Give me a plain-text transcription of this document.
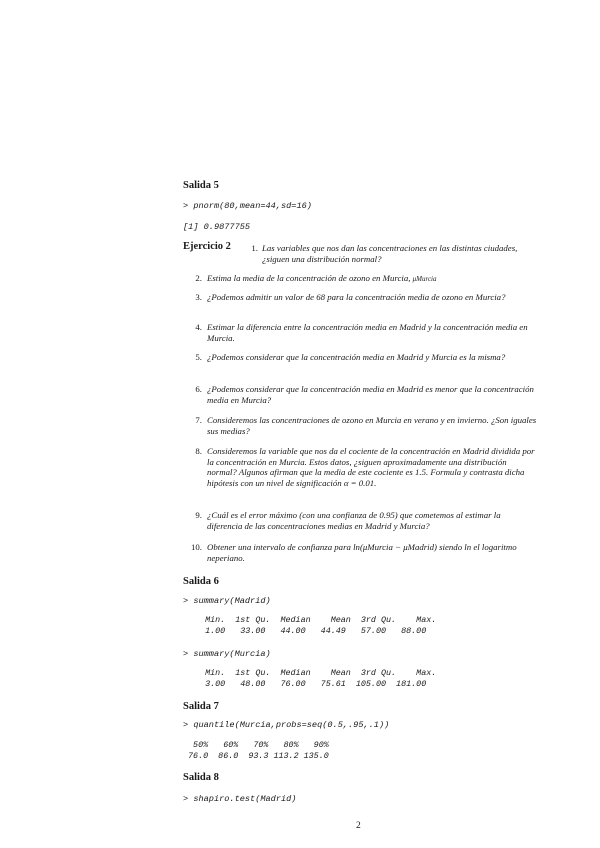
Salida 5
> pnorm(80,mean=44,sd=16)
[1] 0.9877755
Ejercicio 2	1. Las variables que nos dan las concentraciones en las distintas ciudades, ¿siguen una distribución normal?
2. Estima la media de la concentración de ozono en Murcia, μMurcia
3. ¿Podemos admitir un valor de 68 para la concentración media de ozono en Murcia?
4. Estimar la diferencia entre la concentración media en Madrid y la concentración media en Murcia.
5. ¿Podemos considerar que la concentración media en Madrid y Murcia es la misma?
6. ¿Podemos considerar que la concentración media en Madrid es menor que la concentración media en Murcia?
7. Consideremos las concentraciones de ozono en Murcia en verano y en invierno. ¿Son iguales sus medias?
8. Consideremos la variable que nos da el cociente de la concentración en Madrid dividida por la concentración en Murcia. Estos datos, ¿siguen aproximadamente una distribución normal? Algunos afirman que la media de este cociente es 1.5. Formula y contrasta dicha hipótesis con un nivel de significación α = 0.01.
9. ¿Cuál es el error máximo (con una confianza de 0.95) que cometemos al estimar la diferencia de las concentraciones medias en Madrid y Murcia?
10. Obtener una intervalo de confianza para ln(μMurcia − μMadrid) siendo ln el logaritmo neperiano.
Salida 6
> summary(Madrid)
Min.  1st Qu.  Median    Mean  3rd Qu.    Max.
1.00   33.00   44.00   44.49   57.00   88.00
> summary(Murcia)
Min.  1st Qu.  Median    Mean  3rd Qu.    Max.
3.00   48.00   76.00   75.61  105.00  181.00
Salida 7
> quantile(Murcia,probs=seq(0.5,.95,.1))
50%   60%   70%   80%   90%
76.0  86.0  93.3 113.2 135.0
Salida 8
> shapiro.test(Madrid)
2
